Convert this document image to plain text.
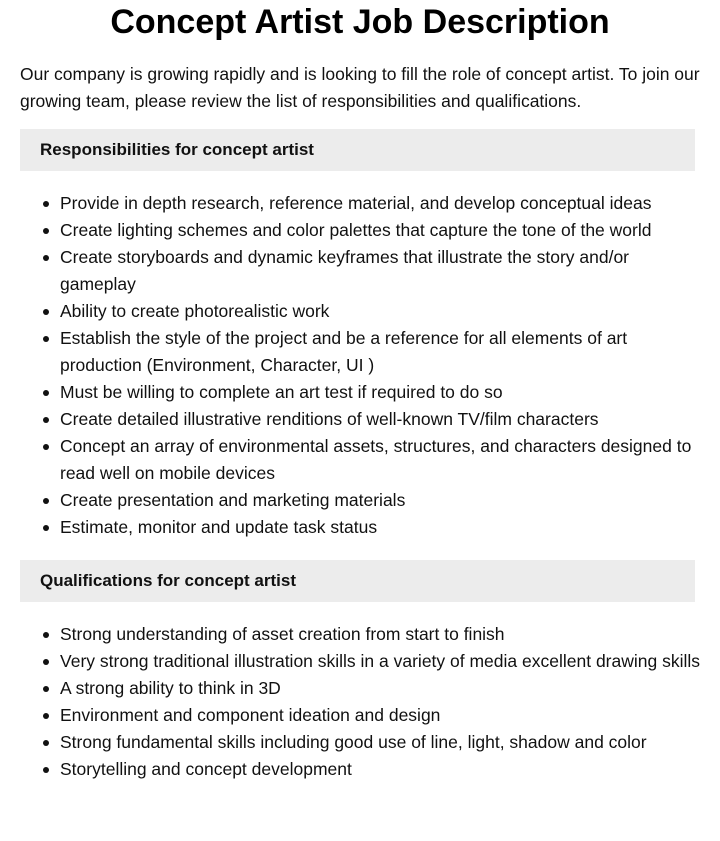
Concept Artist Job Description

Our company is growing rapidly and is looking to fill the role of concept artist. To join our growing team, please review the list of responsibilities and qualifications.

Responsibilities for concept artist
Provide in depth research, reference material, and develop conceptual ideas
Create lighting schemes and color palettes that capture the tone of the world
Create storyboards and dynamic keyframes that illustrate the story and/or gameplay
Ability to create photorealistic work
Establish the style of the project and be a reference for all elements of art production (Environment, Character, UI )
Must be willing to complete an art test if required to do so
Create detailed illustrative renditions of well-known TV/film characters
Concept an array of environmental assets, structures, and characters designed to read well on mobile devices
Create presentation and marketing materials
Estimate, monitor and update task status
Qualifications for concept artist
Strong understanding of asset creation from start to finish
Very strong traditional illustration skills in a variety of media excellent drawing skills
A strong ability to think in 3D
Environment and component ideation and design
Strong fundamental skills including good use of line, light, shadow and color
Storytelling and concept development
